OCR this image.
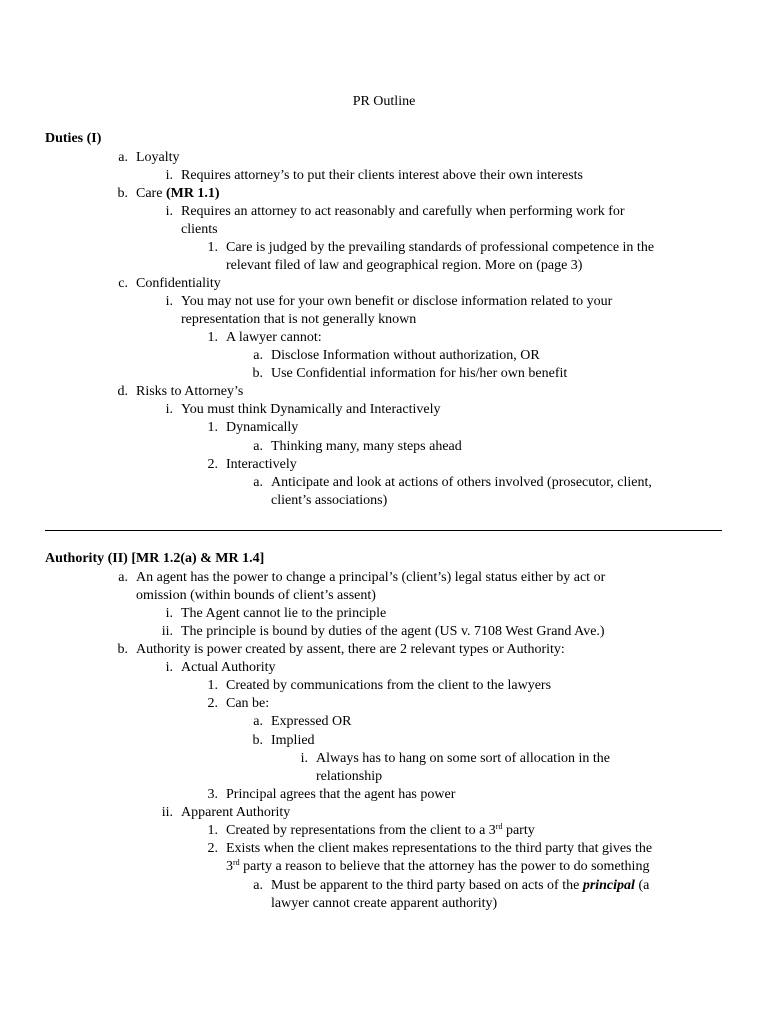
PR Outline
Duties (I)
a. Loyalty
i. Requires attorney’s to put their clients interest above their own interests
b. Care (MR 1.1)
i. Requires an attorney to act reasonably and carefully when performing work for
clients
1. Care is judged by the prevailing standards of professional competence in the
relevant filed of law and geographical region. More on (page 3)
c. Confidentiality
i. You may not use for your own benefit or disclose information related to your
representation that is not generally known
1. A lawyer cannot:
a. Disclose Information without authorization, OR
b. Use Confidential information for his/her own benefit
d. Risks to Attorney’s
i. You must think Dynamically and Interactively
1. Dynamically
a. Thinking many, many steps ahead
2. Interactively
a. Anticipate and look at actions of others involved (prosecutor, client,
client’s associations)
Authority (II) [MR 1.2(a) & MR 1.4]
a. An agent has the power to change a principal’s (client’s) legal status either by act or
omission (within bounds of client’s assent)
i. The Agent cannot lie to the principle
ii. The principle is bound by duties of the agent (US v. 7108 West Grand Ave.)
b. Authority is power created by assent, there are 2 relevant types or Authority:
i. Actual Authority
1. Created by communications from the client to the lawyers
2. Can be:
a. Expressed OR
b. Implied
i. Always has to hang on some sort of allocation in the
relationship
3. Principal agrees that the agent has power
ii. Apparent Authority
1. Created by representations from the client to a 3rd party
2. Exists when the client makes representations to the third party that gives the
3rd party a reason to believe that the attorney has the power to do something
a. Must be apparent to the third party based on acts of the principal (a
lawyer cannot create apparent authority)
